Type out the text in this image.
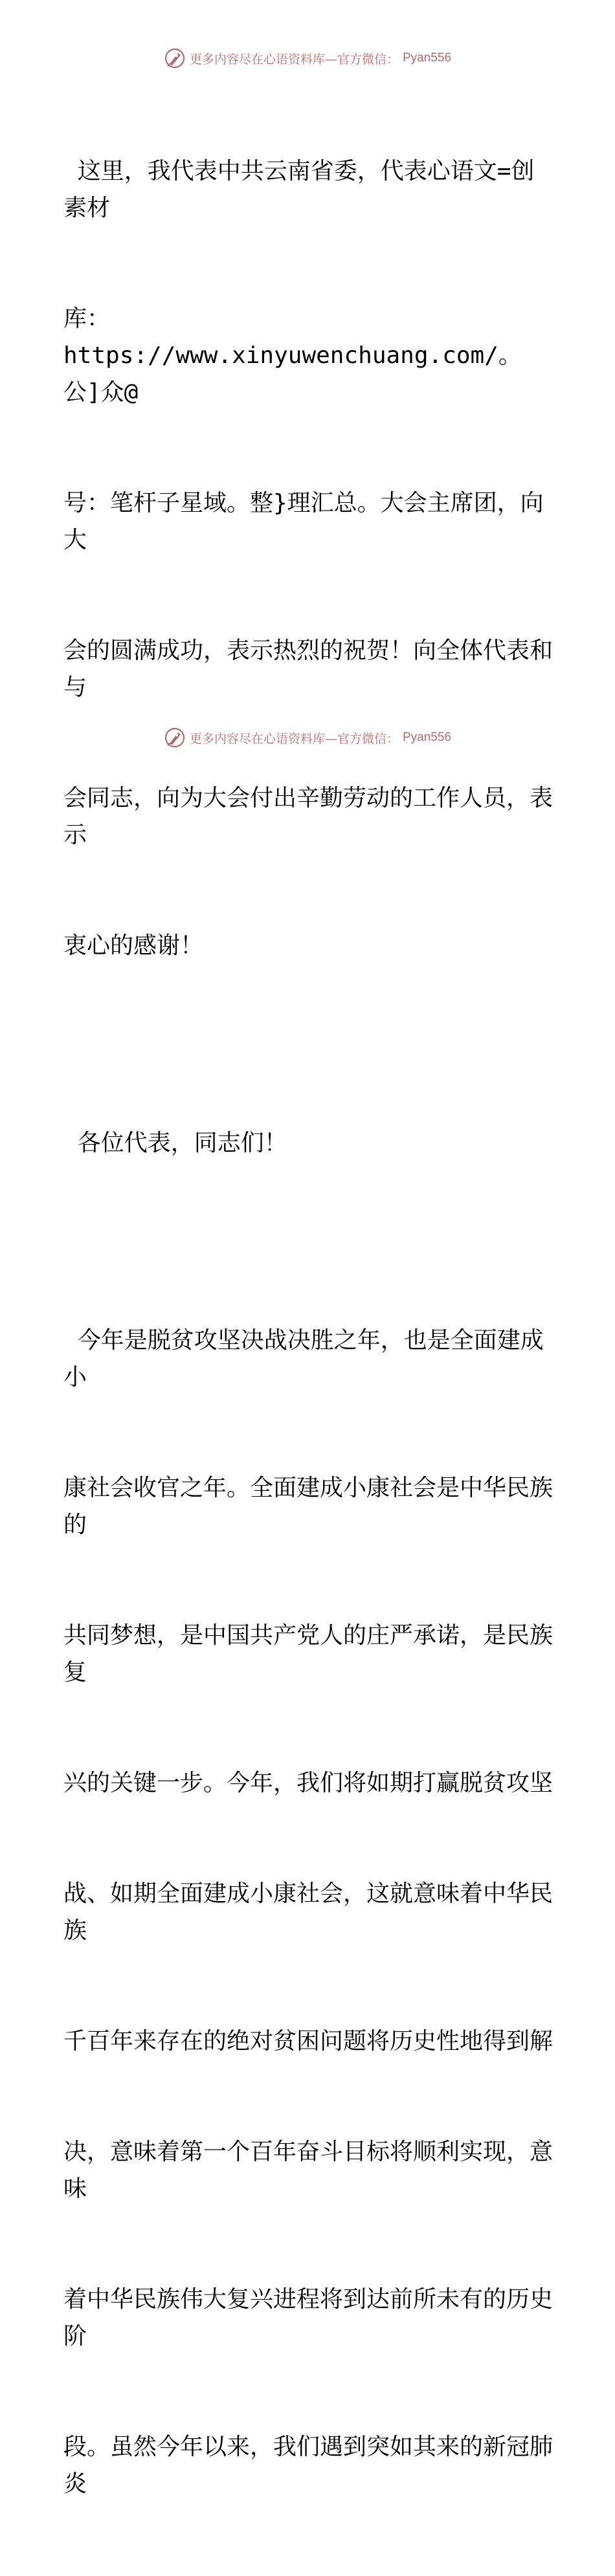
更多内容尽在心语资料库—官方微信： Pyan556

这里，我代表中共云南省委，代表心语文=创素材

库：https://www.xinyuwenchuang.com/。公]众@

号：笔杆子星域。整}理汇总。大会主席团，向大

会的圆满成功，表示热烈的祝贺！向全体代表和与

会同志，向为大会付出辛勤劳动的工作人员，表示

衷心的感谢！

各位代表，同志们！

今年是脱贫攻坚决战决胜之年，也是全面建成小

康社会收官之年。全面建成小康社会是中华民族的

共同梦想，是中国共产党人的庄严承诺，是民族复

兴的关键一步。今年，我们将如期打赢脱贫攻坚

战、如期全面建成小康社会，这就意味着中华民族

千百年来存在的绝对贫困问题将历史性地得到解

决，意味着第一个百年奋斗目标将顺利实现，意味

着中华民族伟大复兴进程将到达前所未有的历史阶

段。虽然今年以来，我们遇到突如其来的新冠肺炎

更多内容尽在心语资料库—官方微信： Pyan556
